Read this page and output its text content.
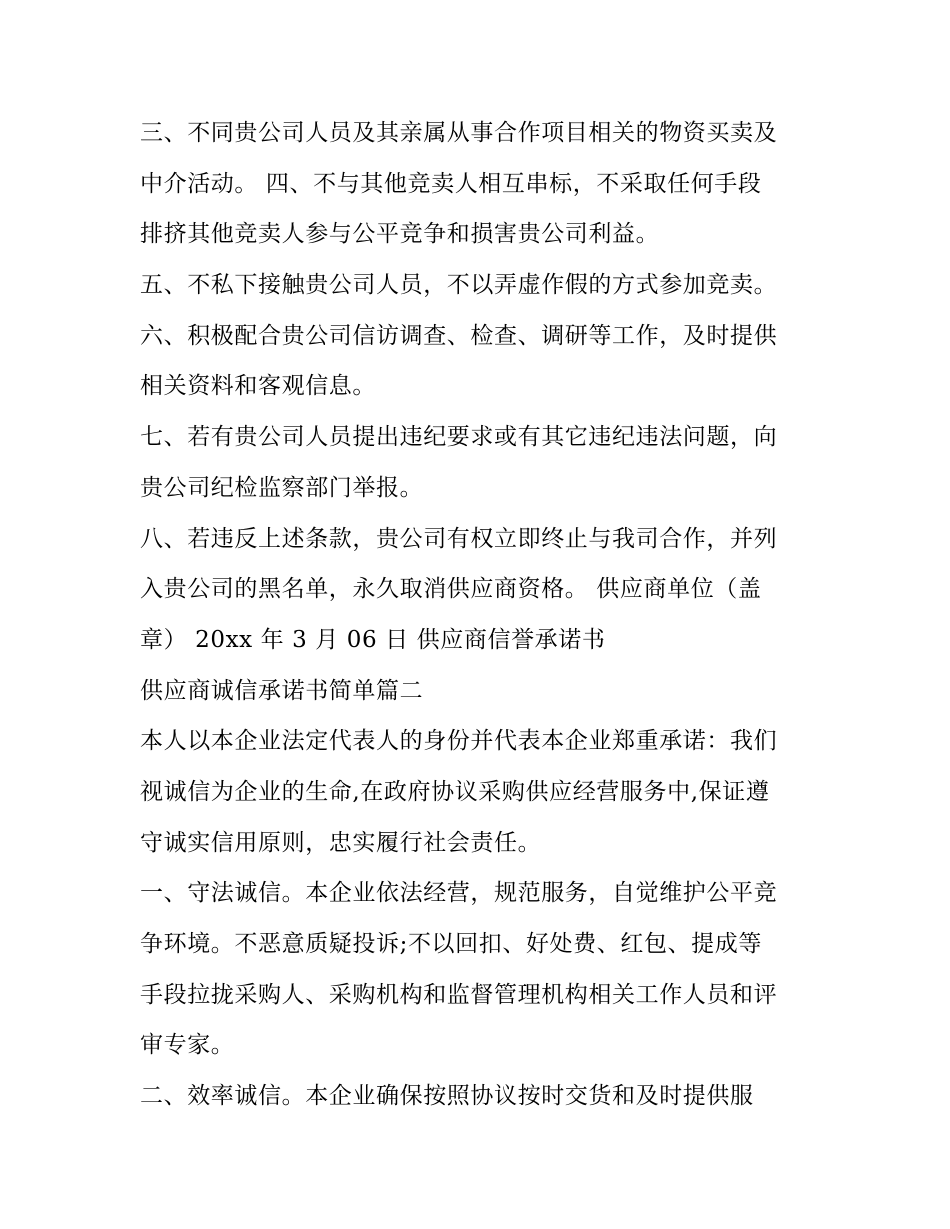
三、不同贵公司人员及其亲属从事合作项目相关的物资买卖及
中介活动。 四、不与其他竞卖人相互串标，不采取任何手段
排挤其他竞卖人参与公平竞争和损害贵公司利益。
五、不私下接触贵公司人员，不以弄虚作假的方式参加竞卖。
六、积极配合贵公司信访调查、检查、调研等工作，及时提供
相关资料和客观信息。
七、若有贵公司人员提出违纪要求或有其它违纪违法问题，向
贵公司纪检监察部门举报。
八、若违反上述条款，贵公司有权立即终止与我司合作，并列
入贵公司的黑名单，永久取消供应商资格。 供应商单位（盖
章） 20xx 年 3 月 06 日 供应商信誉承诺书
供应商诚信承诺书简单篇二
本人以本企业法定代表人的身份并代表本企业郑重承诺：我们
视诚信为企业的生命,在政府协议采购供应经营服务中,保证遵
守诚实信用原则，忠实履行社会责任。
一、守法诚信。本企业依法经营，规范服务，自觉维护公平竞
争环境。不恶意质疑投诉;不以回扣、好处费、红包、提成等
手段拉拢采购人、采购机构和监督管理机构相关工作人员和评
审专家。
二、效率诚信。本企业确保按照协议按时交货和及时提供服
